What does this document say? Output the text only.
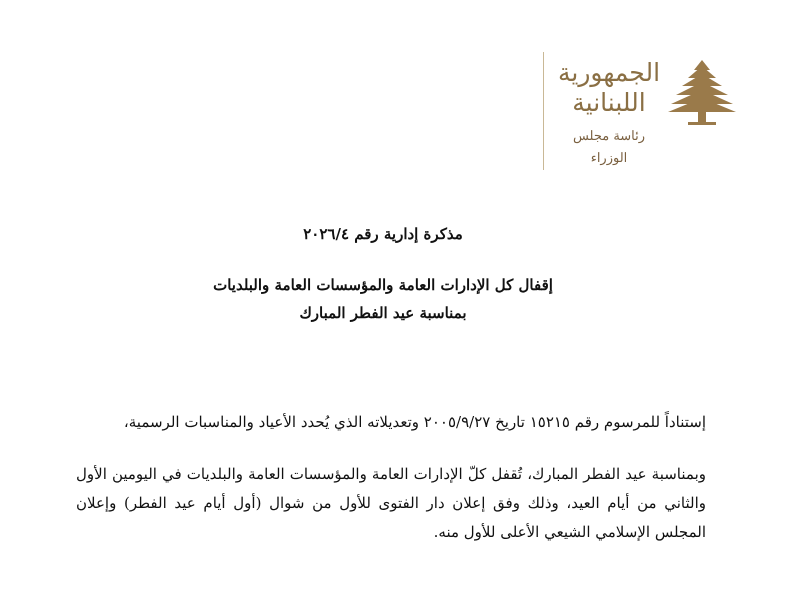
الجمهورية
اللبنانية
رئاسة مجلس الوزراء

مذكرة إدارية رقم ٢٠٢٦/٤

إقفال كل الإدارات العامة والمؤسسات العامة والبلديات
بمناسبة عيد الفطر المبارك

إستناداً للمرسوم رقم ١٥٢١٥ تاريخ ٢٠٠٥/٩/٢٧ وتعديلاته الذي يُحدد الأعياد والمناسبات الرسمية،

وبمناسبة عيد الفطر المبارك، تُقفل كلّ الإدارات العامة والمؤسسات العامة والبلديات في اليومين الأول والثاني من أيام العيد، وذلك وفق إعلان دار الفتوى للأول من شوال (أول أيام عيد الفطر) وإعلان المجلس الإسلامي الشيعي الأعلى للأول منه.
